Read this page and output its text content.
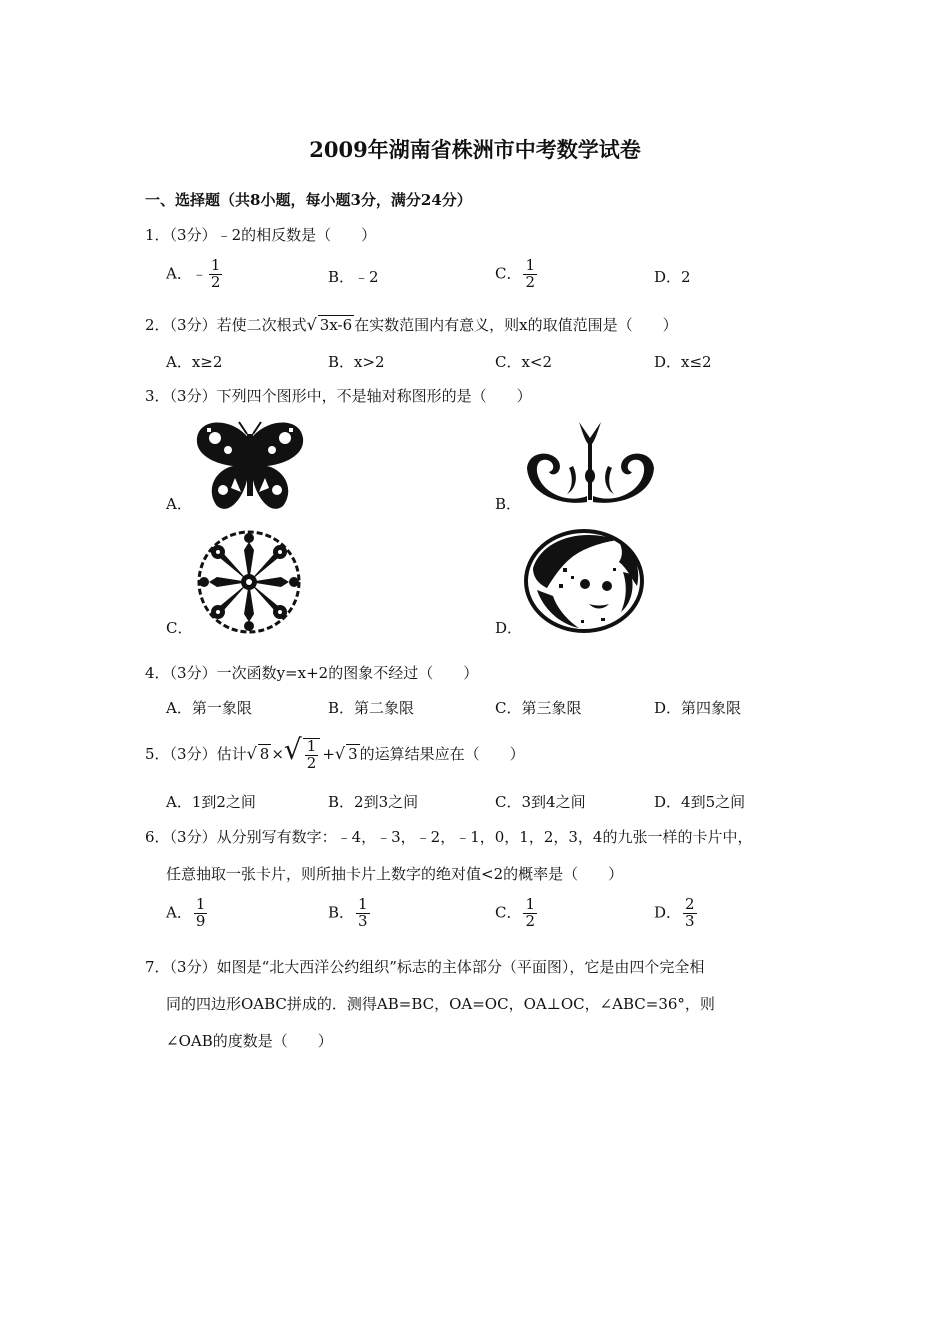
2009年湖南省株洲市中考数学试卷
一、选择题（共8小题，每小题3分，满分24分）
1．（3分）﹣2的相反数是（　　）
A．﹣ $\frac{1}{2}$	B．﹣2	C． $\frac{1}{2}$	D．2
2．（3分）若使二次根式√ 3x-6 在实数范围内有意义，则x的取值范围是（　　）
A．x≥2	B．x>2	C．x<2	D．x≤2
3．（3分）下列四个图形中，不是轴对称图形的是（　　）
A．	B．
C．	D．
4．（3分）一次函数y=x+2的图象不经过（　　）
A．第一象限	B．第二象限	C．第三象限	D．第四象限
5．（3分）估计√ 8 ×√ $\frac{1}{2}$ +√ 3 的运算结果应在（　　）
A．1到2之间	B．2到3之间	C．3到4之间	D．4到5之间
6．（3分）从分别写有数字：﹣4，﹣3，﹣2，﹣1，0，1，2，3，4的九张一样的卡片中，
任意抽取一张卡片，则所抽卡片上数字的绝对值<2的概率是（　　）
A． $\frac{1}{9}$	B． $\frac{1}{3}$	C． $\frac{1}{2}$	D． $\frac{2}{3}$
7．（3分）如图是“北大西洋公约组织”标志的主体部分（平面图），它是由四个完全相
同的四边形OABC拼成的．测得AB=BC，OA=OC，OA⊥OC，∠ABC=36°，则
∠OAB的度数是（　　）
